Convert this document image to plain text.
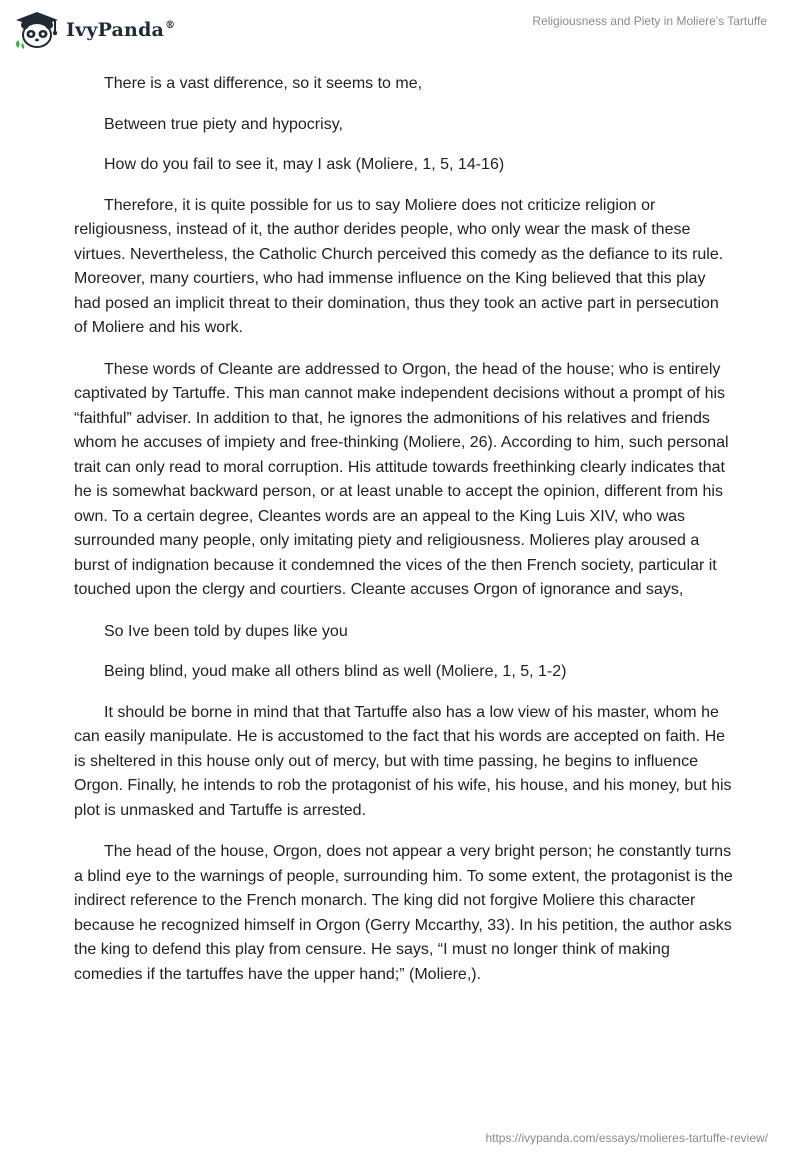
IvyPanda®	Religiousness and Piety in Moliere's Tartuffe

There is a vast difference, so it seems to me,

Between true piety and hypocrisy,

How do you fail to see it, may I ask (Moliere, 1, 5, 14-16)

Therefore, it is quite possible for us to say Moliere does not criticize religion or religiousness, instead of it, the author derides people, who only wear the mask of these virtues. Nevertheless, the Catholic Church perceived this comedy as the defiance to its rule. Moreover, many courtiers, who had immense influence on the King believed that this play had posed an implicit threat to their domination, thus they took an active part in persecution of Moliere and his work.

These words of Cleante are addressed to Orgon, the head of the house; who is entirely captivated by Tartuffe. This man cannot make independent decisions without a prompt of his “faithful” adviser. In addition to that, he ignores the admonitions of his relatives and friends whom he accuses of impiety and free-thinking (Moliere, 26). According to him, such personal trait can only read to moral corruption. His attitude towards freethinking clearly indicates that he is somewhat backward person, or at least unable to accept the opinion, different from his own. To a certain degree, Cleantes words are an appeal to the King Luis XIV, who was surrounded many people, only imitating piety and religiousness. Molieres play aroused a burst of indignation because it condemned the vices of the then French society, particular it touched upon the clergy and courtiers. Cleante accuses Orgon of ignorance and says,

So Ive been told by dupes like you

Being blind, youd make all others blind as well (Moliere, 1, 5, 1-2)

It should be borne in mind that that Tartuffe also has a low view of his master, whom he can easily manipulate. He is accustomed to the fact that his words are accepted on faith. He is sheltered in this house only out of mercy, but with time passing, he begins to influence Orgon. Finally, he intends to rob the protagonist of his wife, his house, and his money, but his plot is unmasked and Tartuffe is arrested.

The head of the house, Orgon, does not appear a very bright person; he constantly turns a blind eye to the warnings of people, surrounding him. To some extent, the protagonist is the indirect reference to the French monarch. The king did not forgive Moliere this character because he recognized himself in Orgon (Gerry Mccarthy, 33). In his petition, the author asks the king to defend this play from censure. He says, “I must no longer think of making comedies if the tartuffes have the upper hand;” (Moliere,).

https://ivypanda.com/essays/molieres-tartuffe-review/
